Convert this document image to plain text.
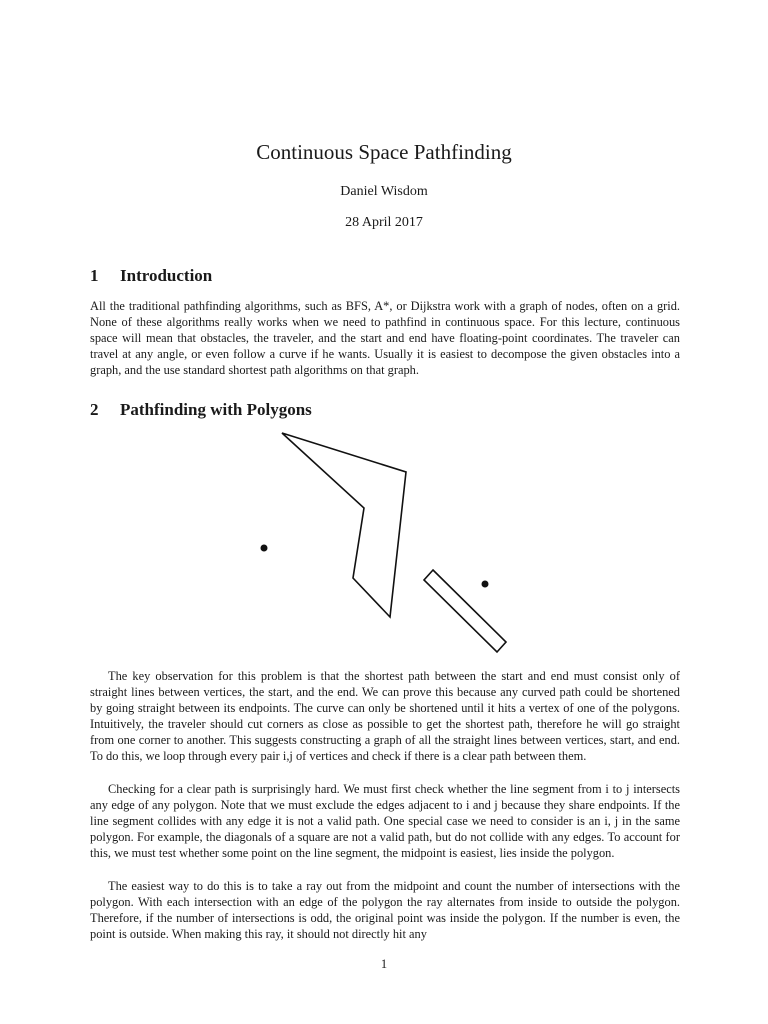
Continuous Space Pathfinding
Daniel Wisdom
28 April 2017
1 Introduction

All the traditional pathfinding algorithms, such as BFS, A*, or Dijkstra work with a graph of nodes, often on a grid. None of these algorithms really works when we need to pathfind in continuous space. For this lecture, continuous space will mean that obstacles, the traveler, and the start and end have floating-point coordinates. The traveler can travel at any angle, or even follow a curve if he wants. Usually it is easiest to decompose the given obstacles into a graph, and the use standard shortest path algorithms on that graph.

2 Pathfinding with Polygons

The key observation for this problem is that the shortest path between the start and end must consist only of straight lines between vertices, the start, and the end. We can prove this because any curved path could be shortened by going straight between its endpoints. The curve can only be shortened until it hits a vertex of one of the polygons. Intuitively, the traveler should cut corners as close as possible to get the shortest path, therefore he will go straight from one corner to another. This suggests constructing a graph of all the straight lines between vertices, start, and end. To do this, we loop through every pair i,j of vertices and check if there is a clear path between them.

Checking for a clear path is surprisingly hard. We must first check whether the line segment from i to j intersects any edge of any polygon. Note that we must exclude the edges adjacent to i and j because they share endpoints. If the line segment collides with any edge it is not a valid path. One special case we need to consider is an i, j in the same polygon. For example, the diagonals of a square are not a valid path, but do not collide with any edges. To account for this, we must test whether some point on the line segment, the midpoint is easiest, lies inside the polygon.

The easiest way to do this is to take a ray out from the midpoint and count the number of intersections with the polygon. With each intersection with an edge of the polygon the ray alternates from inside to outside the polygon. Therefore, if the number of intersections is odd, the original point was inside the polygon. If the number is even, the point is outside. When making this ray, it should not directly hit any

1
